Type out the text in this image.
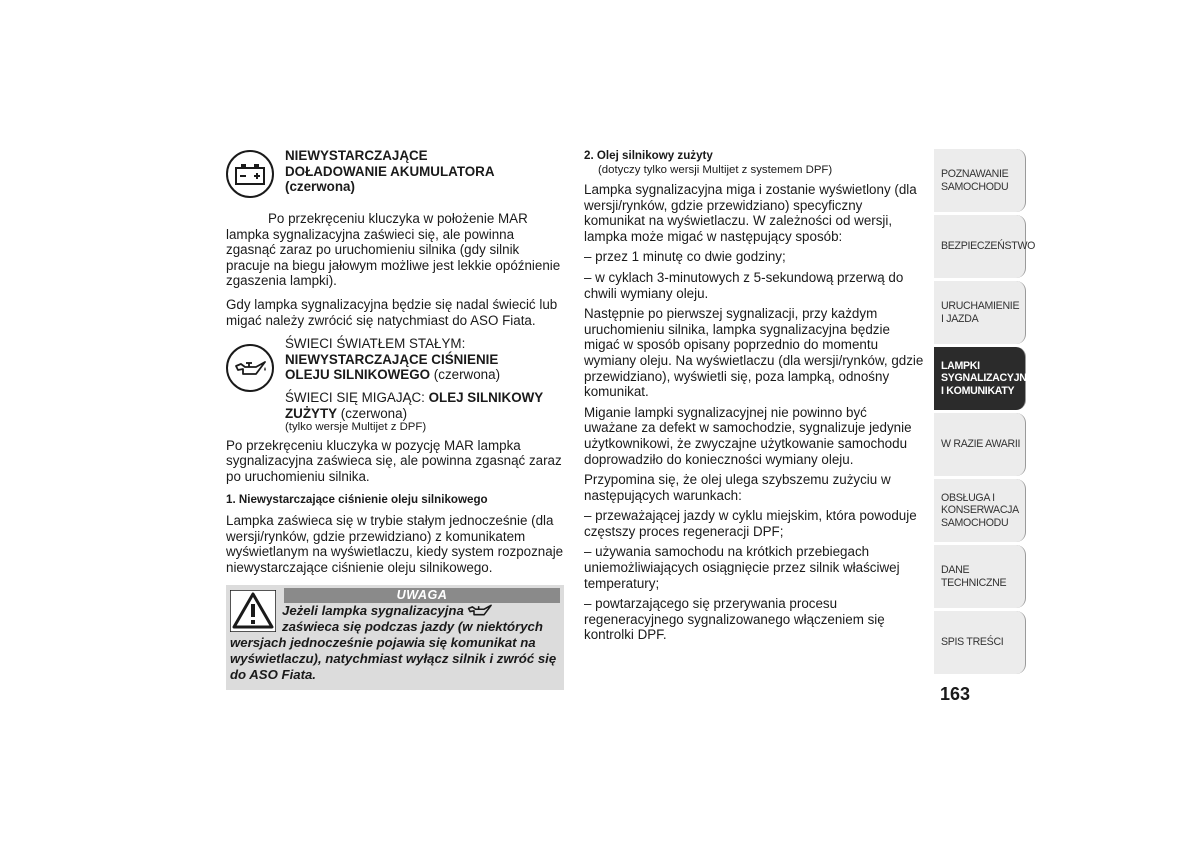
NIEWYSTARCZAJĄCE
DOŁADOWANIE AKUMULATORA
(czerwona)

Po przekręceniu kluczyka w położenie MAR lampka sygnalizacyjna zaświeci się, ale powinna zgasnąć zaraz po uruchomieniu silnika (gdy silnik pracuje na biegu jałowym możliwe jest lekkie opóźnienie zgaszenia lampki).

Gdy lampka sygnalizacyjna będzie się nadal świecić lub migać należy zwrócić się natychmiast do ASO Fiata.

ŚWIECI ŚWIATŁEM STAŁYM:
NIEWYSTARCZAJĄCE CIŚNIENIE
OLEJU SILNIKOWEGO (czerwona)
ŚWIECI SIĘ MIGAJĄC: OLEJ SILNIKOWY
ZUŻYTY (czerwona)
(tylko wersje Multijet z DPF)

Po przekręceniu kluczyka w pozycję MAR lampka sygnalizacyjna zaświeca się, ale powinna zgasnąć zaraz po uruchomieniu silnika.

1. Niewystarczające ciśnienie oleju silnikowego

Lampka zaświeca się w trybie stałym jednocześnie (dla wersji/rynków, gdzie przewidziano) z komunikatem wyświetlanym na wyświetlaczu, kiedy system rozpoznaje niewystarczające ciśnienie oleju silnikowego.

UWAGA
Jeżeli lampka sygnalizacyjna
zaświeca się podczas jazdy (w niektórych wersjach jednocześnie pojawia się komunikat na wyświetlaczu), natychmiast wyłącz silnik i zwróć się do ASO Fiata.
2. Olej silnikowy zużyty
(dotyczy tylko wersji Multijet z systemem DPF)

Lampka sygnalizacyjna miga i zostanie wyświetlony (dla wersji/rynków, gdzie przewidziano) specyficzny komunikat na wyświetlaczu. W zależności od wersji, lampka może migać w następujący sposób:

– przez 1 minutę co dwie godziny;

– w cyklach 3-minutowych z 5-sekundową przerwą do chwili wymiany oleju.

Następnie po pierwszej sygnalizacji, przy każdym uruchomieniu silnika, lampka sygnalizacyjna będzie migać w sposób opisany poprzednio do momentu wymiany oleju. Na wyświetlaczu (dla wersji/rynków, gdzie przewidziano), wyświetli się, poza lampką, odnośny komunikat.

Miganie lampki sygnalizacyjnej nie powinno być uważane za defekt w samochodzie, sygnalizuje jedynie użytkownikowi, że zwyczajne użytkowanie samochodu doprowadziło do konieczności wymiany oleju.

Przypomina się, że olej ulega szybszemu zużyciu w następujących warunkach:

– przeważającej jazdy w cyklu miejskim, która powoduje częstszy proces regeneracji DPF;

– używania samochodu na krótkich przebiegach uniemożliwiających osiągnięcie przez silnik właściwej temperatury;

– powtarzającego się przerywania procesu regeneracyjnego sygnalizowanego włączeniem się kontrolki DPF.

POZNAWANIE
SAMOCHODU
BEZPIECZEŃSTWO
URUCHAMIENIE
I JAZDA
LAMPKI
SYGNALIZACYJNE
I KOMUNIKATY
W RAZIE AWARII
OBSŁUGA I
KONSERWACJA
SAMOCHODU
DANE TECHNICZNE
SPIS TREŚCI
163
